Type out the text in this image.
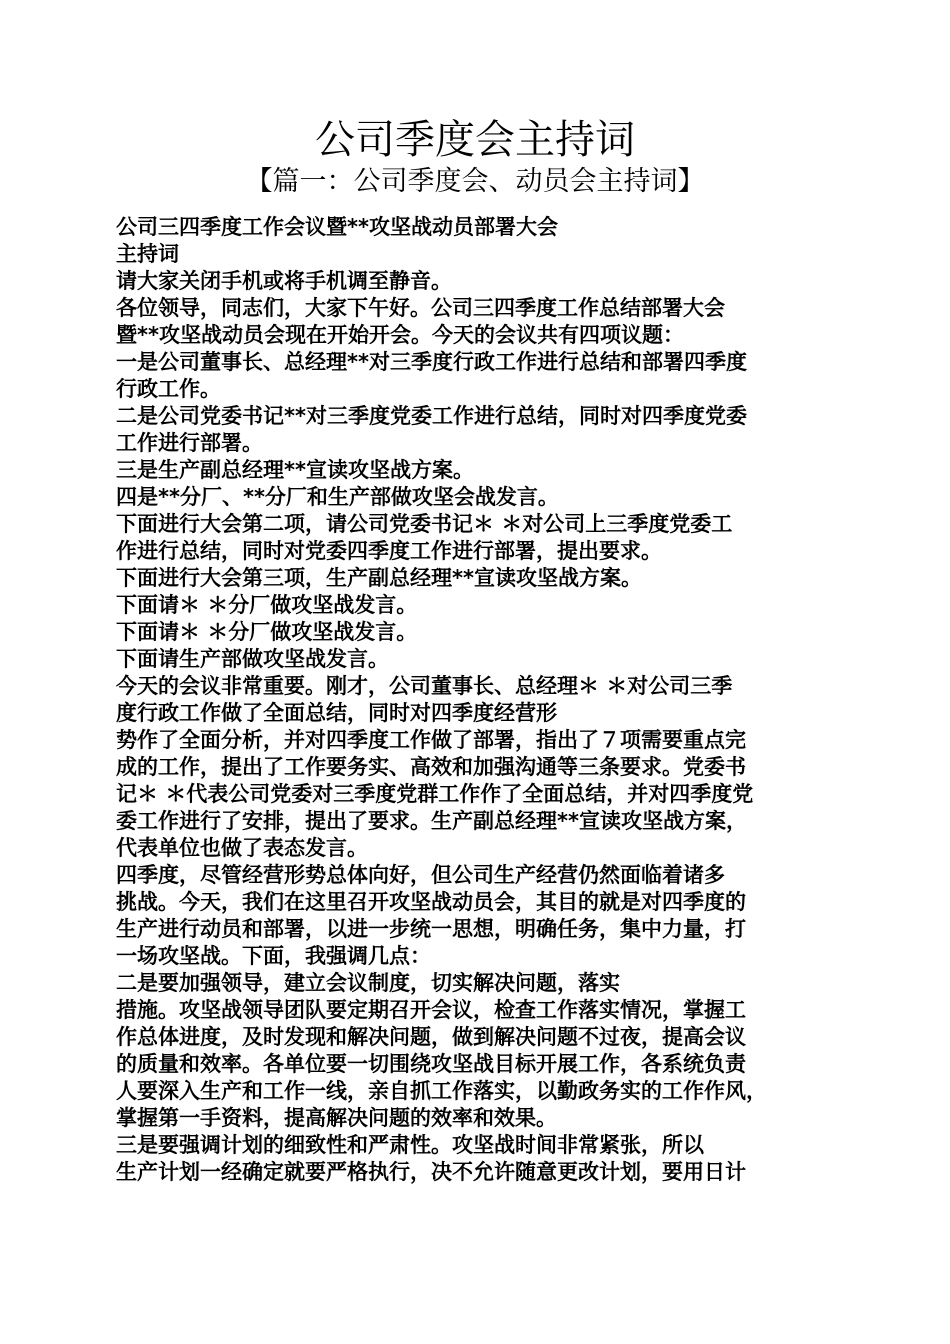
公司季度会主持词
【篇一：公司季度会、动员会主持词】
公司三四季度工作会议暨**攻坚战动员部署大会
主持词
请大家关闭手机或将手机调至静音。
各位领导，同志们，大家下午好。公司三四季度工作总结部署大会
暨**攻坚战动员会现在开始开会。今天的会议共有四项议题：
一是公司董事长、总经理**对三季度行政工作进行总结和部署四季度
行政工作。
二是公司党委书记**对三季度党委工作进行总结，同时对四季度党委
工作进行部署。
三是生产副总经理**宣读攻坚战方案。
四是**分厂、**分厂和生产部做攻坚会战发言。
下面进行大会第二项，请公司党委书记＊ ＊对公司上三季度党委工
作进行总结，同时对党委四季度工作进行部署，提出要求。
下面进行大会第三项，生产副总经理**宣读攻坚战方案。
下面请＊ ＊分厂做攻坚战发言。
下面请＊ ＊分厂做攻坚战发言。
下面请生产部做攻坚战发言。
今天的会议非常重要。刚才，公司董事长、总经理＊ ＊对公司三季
度行政工作做了全面总结，同时对四季度经营形
势作了全面分析，并对四季度工作做了部署，指出了７项需要重点完
成的工作，提出了工作要务实、高效和加强沟通等三条要求。党委书
记＊ ＊代表公司党委对三季度党群工作作了全面总结，并对四季度党
委工作进行了安排，提出了要求。生产副总经理**宣读攻坚战方案，
代表单位也做了表态发言。
四季度，尽管经营形势总体向好，但公司生产经营仍然面临着诸多
挑战。今天，我们在这里召开攻坚战动员会，其目的就是对四季度的
生产进行动员和部署，以进一步统一思想，明确任务，集中力量，打
一场攻坚战。下面，我强调几点：
二是要加强领导，建立会议制度，切实解决问题，落实
措施。攻坚战领导团队要定期召开会议，检查工作落实情况，掌握工
作总体进度，及时发现和解决问题，做到解决问题不过夜，提高会议
的质量和效率。各单位要一切围绕攻坚战目标开展工作，各系统负责
人要深入生产和工作一线，亲自抓工作落实，以勤政务实的工作作风，
掌握第一手资料，提高解决问题的效率和效果。
三是要强调计划的细致性和严肃性。攻坚战时间非常紧张，所以
生产计划一经确定就要严格执行，决不允许随意更改计划，要用日计
